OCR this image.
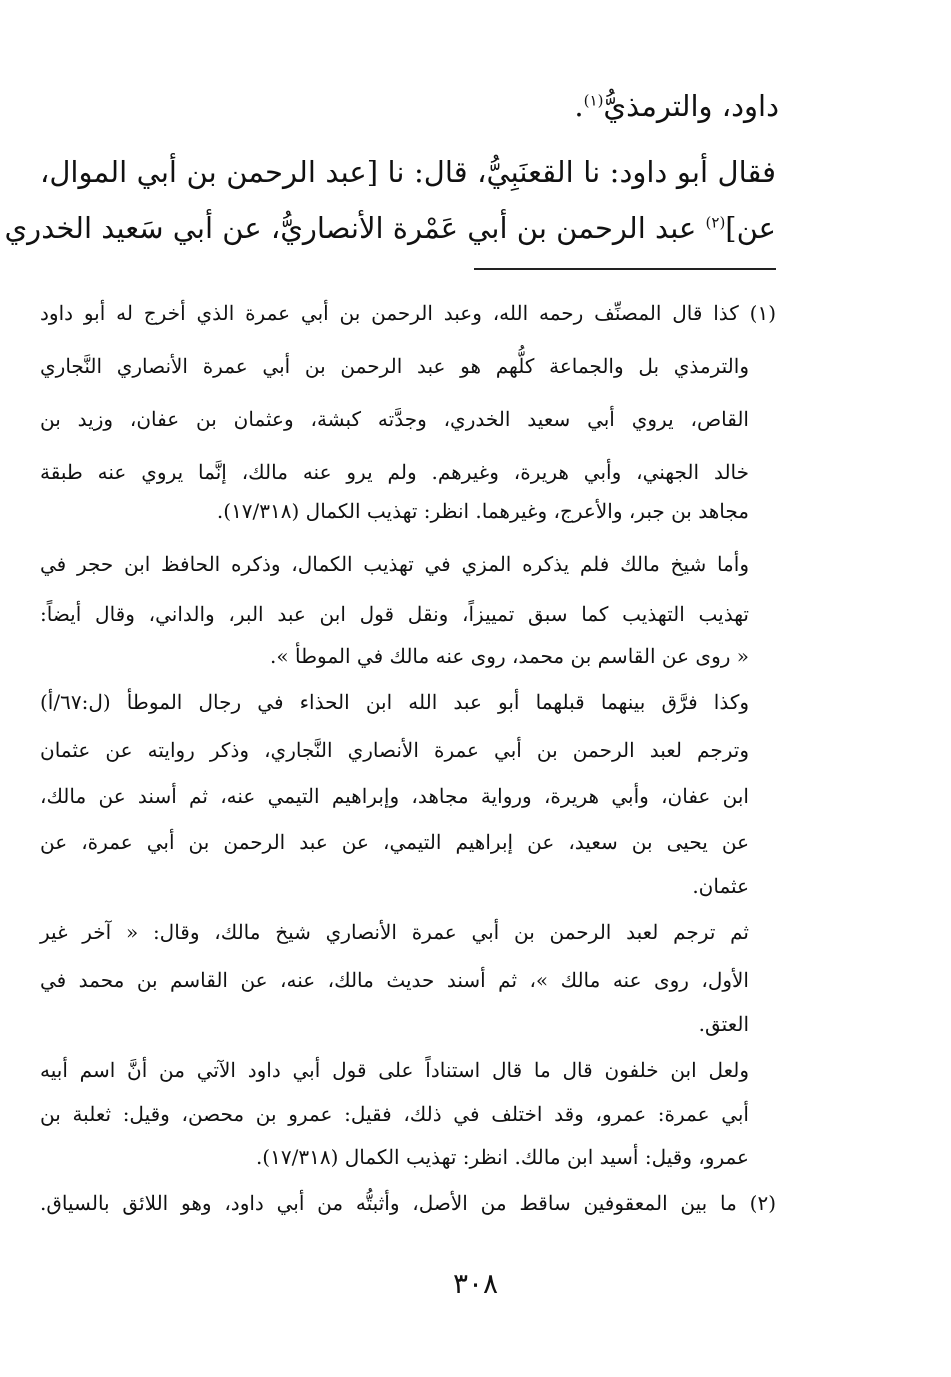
داود، والترمذيُّ$^{(١)}$.
فقال أبو داود: نا القعنَبِيُّ، قال: نا [عبد الرحمن بن أبي الموال،
عن]$^{(٢)}$ عبد الرحمن بن أبي عَمْرة الأنصاريُّ، عن أبي سَعيد الخدري
(١) كذا قال المصنِّف رحمه الله، وعبد الرحمن بن أبي عمرة الذي أخرج له أبو داود
والترمذي بل والجماعة كلُّهم هو عبد الرحمن بن أبي عمرة الأنصاري النَّجاري
القاص، يروي أبي سعيد الخدري، وجدَّته كبشة، وعثمان بن عفان، وزيد بن
خالد الجهني، وأبي هريرة، وغيرهم. ولم يرو عنه مالك، إنَّما يروي عنه طبقة
مجاهد بن جبر، والأعرج، وغيرهما. انظر: تهذيب الكمال (١٧/٣١٨).
وأما شيخ مالك فلم يذكره المزي في تهذيب الكمال، وذكره الحافظ ابن حجر في
تهذيب التهذيب كما سبق تمييزاً، ونقل قول ابن عبد البر، والداني، وقال أيضاً:
« روى عن القاسم بن محمد، روى عنه مالك في الموطأ ».
وكذا فرَّق بينهما قبلهما أبو عبد الله ابن الحذاء في رجال الموطأ (ل:٦٧/أ)
وترجم لعبد الرحمن بن أبي عمرة الأنصاري النَّجاري، وذكر روايته عن عثمان
ابن عفان، وأبي هريرة، ورواية مجاهد، وإبراهيم التيمي عنه، ثم أسند عن مالك،
عن يحيى بن سعيد، عن إبراهيم التيمي، عن عبد الرحمن بن أبي عمرة، عن
عثمان.
ثم ترجم لعبد الرحمن بن أبي عمرة الأنصاري شيخ مالك، وقال: « آخر غير
الأول، روى عنه مالك »، ثم أسند حديث مالك، عنه، عن القاسم بن محمد في
العتق.
ولعل ابن خلفون قال ما قال استناداً على قول أبي داود الآتي من أنَّ اسم أبيه
أبي عمرة: عمرو، وقد اختلف في ذلك، فقيل: عمرو بن محصن، وقيل: ثعلبة بن
عمرو، وقيل: أسيد ابن مالك. انظر: تهذيب الكمال (١٧/٣١٨).
(٢) ما بين المعقوفين ساقط من الأصل، وأثبتُّه من أبي داود، وهو اللائق بالسياق.
٣٠٨
